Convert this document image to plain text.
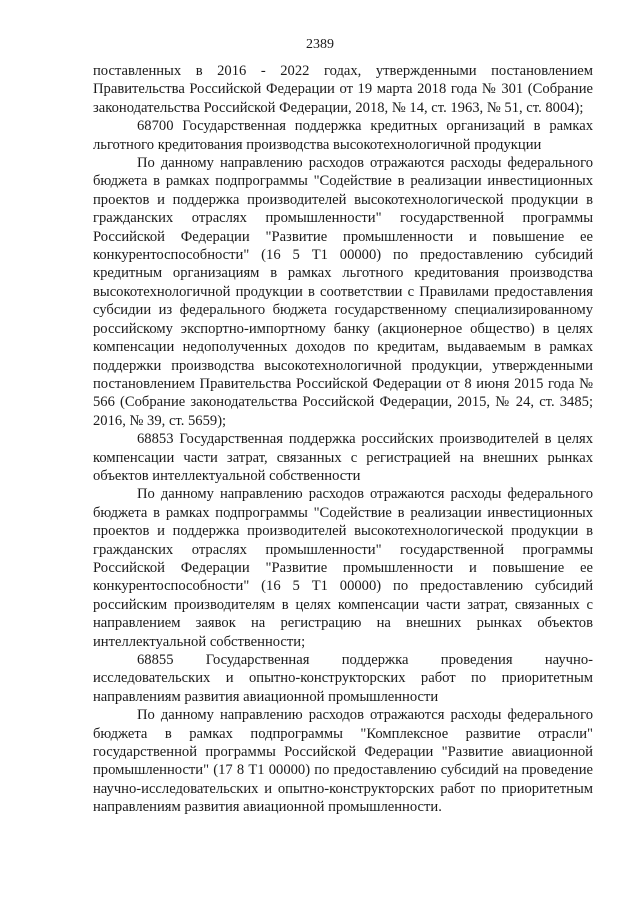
2389

поставленных в 2016 - 2022 годах, утвержденными постановлением Правительства Российской Федерации от 19 марта 2018 года № 301 (Собрание законодательства Российской Федерации, 2018, № 14, ст. 1963, № 51, ст. 8004);

68700 Государственная поддержка кредитных организаций в рамках льготного кредитования производства высокотехнологичной продукции

По данному направлению расходов отражаются расходы федерального бюджета в рамках подпрограммы "Содействие в реализации инвестиционных проектов и поддержка производителей высокотехнологической продукции в гражданских отраслях промышленности" государственной программы Российской Федерации "Развитие промышленности и повышение ее конкурентоспособности" (16 5 Т1 00000) по предоставлению субсидий кредитным организациям в рамках льготного кредитования производства высокотехнологичной продукции в соответствии с Правилами предоставления субсидии из федерального бюджета государственному специализированному российскому экспортно-импортному банку (акционерное общество) в целях компенсации недополученных доходов по кредитам, выдаваемым в рамках поддержки производства высокотехнологичной продукции, утвержденными постановлением Правительства Российской Федерации от 8 июня 2015 года № 566 (Собрание законодательства Российской Федерации, 2015, № 24, ст. 3485; 2016, № 39, ст. 5659);

68853 Государственная поддержка российских производителей в целях компенсации части затрат, связанных с регистрацией на внешних рынках объектов интеллектуальной собственности

По данному направлению расходов отражаются расходы федерального бюджета в рамках подпрограммы "Содействие в реализации инвестиционных проектов и поддержка производителей высокотехнологической продукции в гражданских отраслях промышленности" государственной программы Российской Федерации "Развитие промышленности и повышение ее конкурентоспособности" (16 5 Т1 00000) по предоставлению субсидий российским производителям в целях компенсации части затрат, связанных с направлением заявок на регистрацию на внешних рынках объектов интеллектуальной собственности;

68855 Государственная поддержка проведения научно-исследовательских и опытно-конструкторских работ по приоритетным направлениям развития авиационной промышленности

По данному направлению расходов отражаются расходы федерального бюджета в рамках подпрограммы "Комплексное развитие отрасли" государственной программы Российской Федерации "Развитие авиационной промышленности" (17 8 Т1 00000) по предоставлению субсидий на проведение научно-исследовательских и опытно-конструкторских работ по приоритетным направлениям развития авиационной промышленности.
